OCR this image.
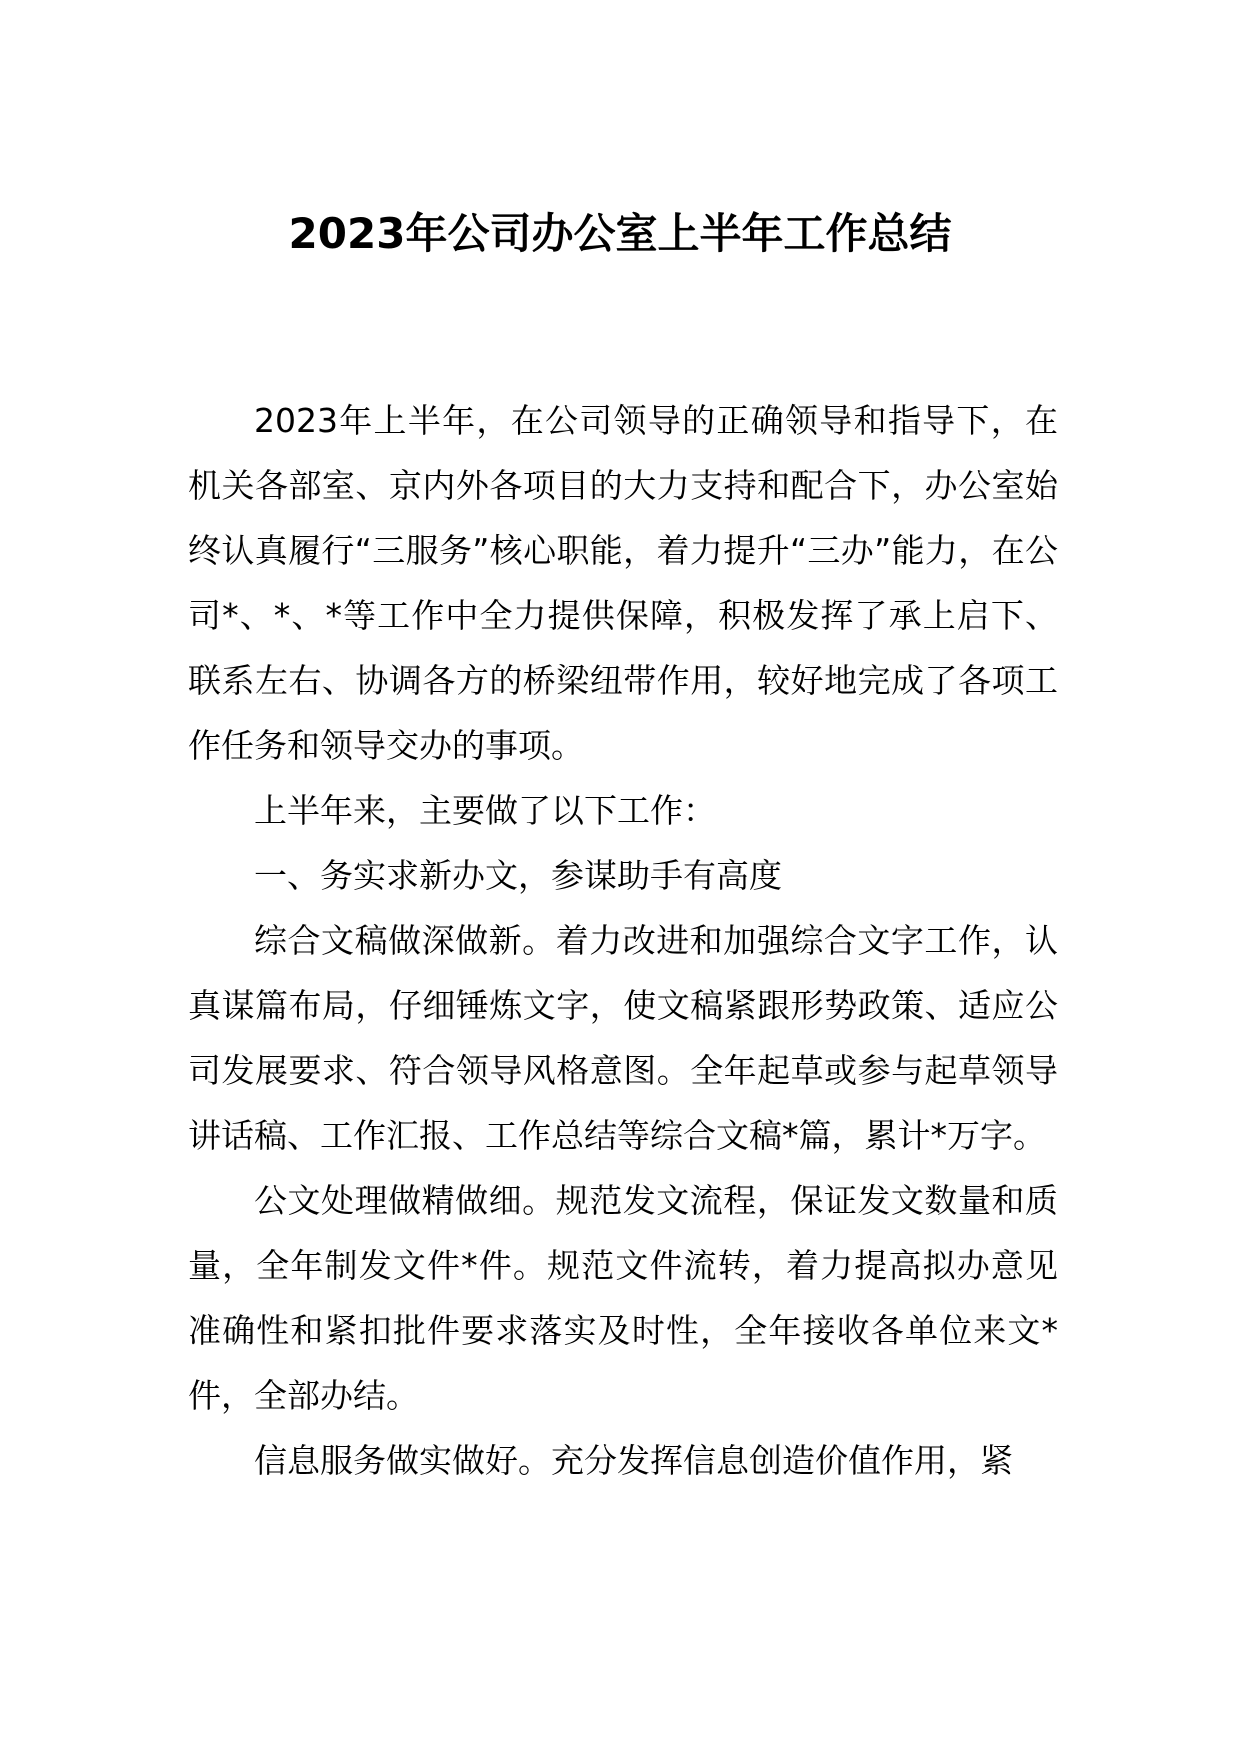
2023年公司办公室上半年工作总结

2023年上半年，在公司领导的正确领导和指导下，在机关各部室、京内外各项目的大力支持和配合下，办公室始终认真履行“三服务”核心职能，着力提升“三办”能力，在公司*、*、*等工作中全力提供保障，积极发挥了承上启下、联系左右、协调各方的桥梁纽带作用，较好地完成了各项工作任务和领导交办的事项。

上半年来，主要做了以下工作：

一、务实求新办文，参谋助手有高度

综合文稿做深做新。着力改进和加强综合文字工作，认真谋篇布局，仔细锤炼文字，使文稿紧跟形势政策、适应公司发展要求、符合领导风格意图。全年起草或参与起草领导讲话稿、工作汇报、工作总结等综合文稿*篇，累计*万字。

公文处理做精做细。规范发文流程，保证发文数量和质量，全年制发文件*件。规范文件流转，着力提高拟办意见准确性和紧扣批件要求落实及时性，全年接收各单位来文*件，全部办结。

信息服务做实做好。充分发挥信息创造价值作用，紧
